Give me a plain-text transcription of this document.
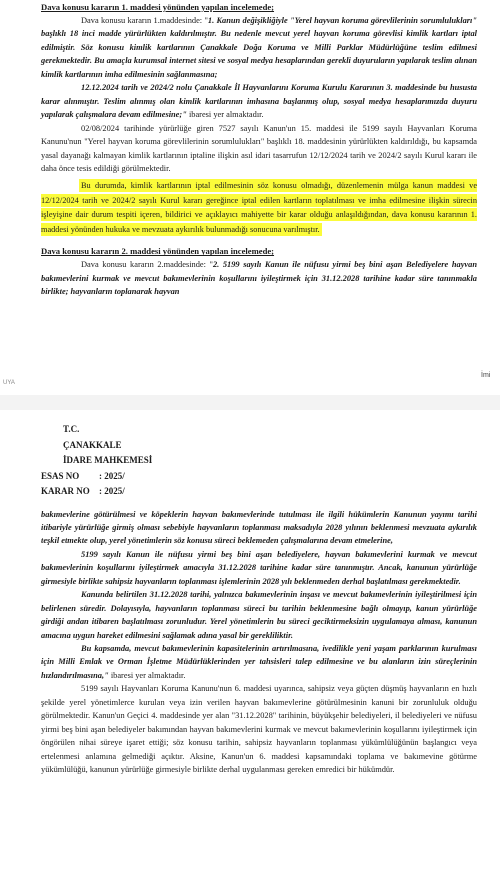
Dava konusu kararın 1. maddesi yönünden yapılan incelemede;

Dava konusu kararın 1.maddesinde: "1. Kanun değişikliğiyle "Yerel hayvan koruma görevlilerinin sorumlulukları" başlıklı 18 inci madde yürürlükten kaldırılmıştır. Bu nedenle mevcut yerel hayvan koruma görevlisi kimlik kartları iptal edilmiştir. Söz konusu kimlik kartlarının Çanakkale Doğa Koruma ve Milli Parklar Müdürlüğüne teslim edilmesi gerekmektedir. Bu amaçla kurumsal internet sitesi ve sosyal medya hesaplarından gerekli duyuruların yapılarak teslim alınan kimlik kartlarının imha edilmesinin sağlanmasına;

12.12.2024 tarih ve 2024/2 nolu Çanakkale İl Hayvanlarını Koruma Kurulu Kararının 3. maddesinde bu hususta karar alınmıştır. Teslim alınmış olan kimlik kartlarının imhasına başlanmış olup, sosyal medya hesaplarımızda duyuru yapılarak çalışmalara devam edilmesine;" ibaresi yer almaktadır.

02/08/2024 tarihinde yürürlüğe giren 7527 sayılı Kanun'un 15. maddesi ile 5199 sayılı Hayvanları Koruma Kanunu'nun "Yerel hayvan koruma görevlilerinin sorumlulukları" başlıklı 18. maddesinin yürürlükten kaldırıldığı, bu kapsamda yasal dayanağı kalmayan kimlik kartlarının iptaline ilişkin asıl idari tasarrufun 12/12/2024 tarih ve 2024/2 sayılı Kurul kararı ile daha önce tesis edildiği görülmektedir.

Bu durumda, kimlik kartlarının iptal edilmesinin söz konusu olmadığı, düzenlemenin mülga kanun maddesi ve 12/12/2024 tarih ve 2024/2 sayılı Kurul kararı gereğince iptal edilen kartların toplatılması ve imha edilmesine ilişkin sürecin işleyişine dair durum tespiti içeren, bildirici ve açıklayıcı mahiyette bir karar olduğu anlaşıldığından, dava konusu kararının 1. maddesi yönünden hukuka ve mevzuata aykırılık bulunmadığı sonucuna varılmıştır.

Dava konusu kararın 2. maddesi yönünden yapılan incelemede;

Dava konusu kararın 2.maddesinde: "2. 5199 sayılı Kanun ile nüfusu yirmi beş bini aşan Belediyelere hayvan bakımevlerini kurmak ve mevcut bakımevlerinin koşullarını iyileştirmek için 31.12.2028 tarihine kadar süre tanınmakla birlikte; hayvanların toplanarak hayvan

İmi
UYA
T.C.
ÇANAKKALE
İDARE MAHKEMESİ
ESAS NO	: 2025/
KARAR NO	: 2025/

bakımevlerine götürülmesi ve köpeklerin hayvan bakımevlerinde tutulması ile ilgili hükümlerin Kanunun yayımı tarihi itibariyle yürürlüğe girmiş olması sebebiyle hayvanların toplanması maksadıyla 2028 yılının beklenmesi mevzuata aykırılık teşkil etmekte olup, yerel yönetimlerin söz konusu süreci beklemeden çalışmalarına devam etmelerine,

5199 sayılı Kanun ile nüfusu yirmi beş bini aşan belediyelere, hayvan bakımevlerini kurmak ve mevcut bakımevlerinin koşullarını iyileştirmek amacıyla 31.12.2028 tarihine kadar süre tanınmıştır. Ancak, kanunun yürürlüğe girmesiyle birlikte sahipsiz hayvanların toplanması işlemlerinin 2028 yılı beklenmeden derhal başlatılması gerekmektedir.

Kanunda belirtilen 31.12.2028 tarihi, yalnızca bakımevlerinin inşası ve mevcut bakımevlerinin iyileştirilmesi için belirlenen süredir. Dolayısıyla, hayvanların toplanması süreci bu tarihin beklenmesine bağlı olmayıp, kanun yürürlüğe girdiği andan itibaren başlatılması zorunludur. Yerel yönetimlerin bu süreci geciktirmeksizin uygulamaya alması, kanunun amacına uygun hareket edilmesini sağlamak adına yasal bir gerekliliktir.

Bu kapsamda, mevcut bakımevlerinin kapasitelerinin artırılmasına, ivedilikle yeni yaşam parklarının kurulması için Milli Emlak ve Orman İşletme Müdürlüklerinden yer tahsisleri talep edilmesine ve bu alanların izin süreçlerinin hızlandırılmasına," ibaresi yer almaktadır.

5199 sayılı Hayvanları Koruma Kanunu'nun 6. maddesi uyarınca, sahipsiz veya güçten düşmüş hayvanların en hızlı şekilde yerel yönetimlerce kurulan veya izin verilen hayvan bakımevlerine götürülmesinin kanuni bir zorunluluk olduğu görülmektedir. Kanun'un Geçici 4. maddesinde yer alan "31.12.2028" tarihinin, büyükşehir belediyeleri, il belediyeleri ve nüfusu yirmi beş bini aşan belediyeler bakımından hayvan bakımevlerini kurmak ve mevcut bakımevlerinin koşullarını iyileştirmek için öngörülen nihai süreye işaret ettiği; söz konusu tarihin, sahipsiz hayvanların toplanması yükümlülüğünün başlangıcı veya ertelenmesi anlamına gelmediği açıktır. Aksine, Kanun'un 6. maddesi kapsamındaki toplama ve bakımevine götürme yükümlülüğü, kanunun yürürlüğe girmesiyle birlikte derhal uygulanması gereken emredici bir hükümdür.
